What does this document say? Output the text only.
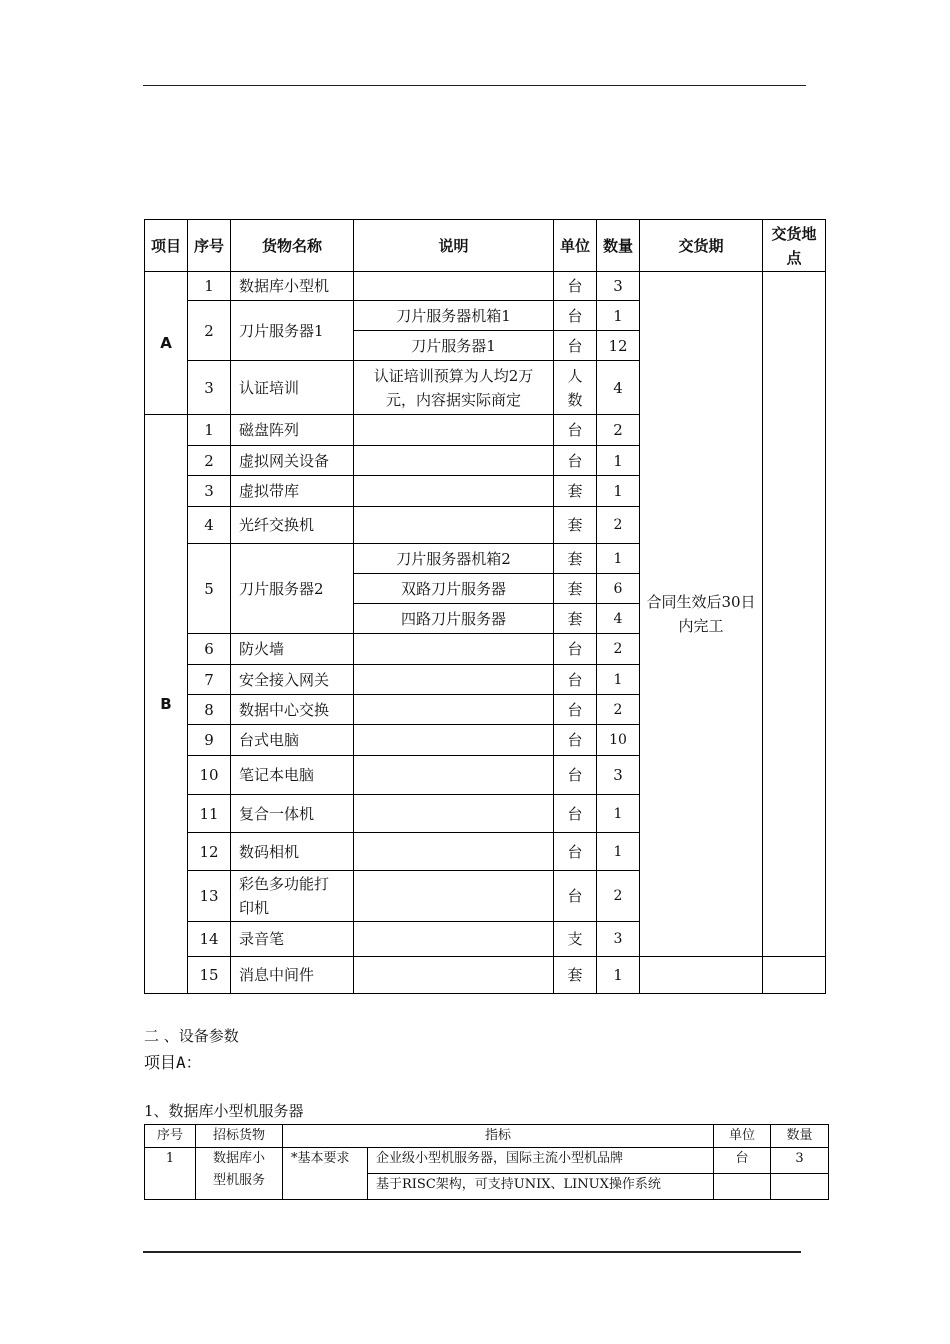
项目	序号	货物名称	说明	单位	数量	交货期	交货地点
A	1	数据库小型机		台	3	合同生效后30日内完工	
	2	刀片服务器1	刀片服务器机箱1	台	1		
			刀片服务器1	台	12		
	3	认证培训	认证培训预算为人均2万元，内容据实际商定	人数	4		
B	1	磁盘阵列		台	2		
	2	虚拟网关设备		台	1		
	3	虚拟带库		套	1		
	4	光纤交换机		套	2		
	5	刀片服务器2	刀片服务器机箱2	套	1		
			双路刀片服务器	套	6		
			四路刀片服务器	套	4		
	6	防火墙		台	2		
	7	安全接入网关		台	1		
	8	数据中心交换		台	2		
	9	台式电脑		台	10		
	10	笔记本电脑		台	3		
	11	复合一体机		台	1		
	12	数码相机		台	1		
	13	彩色多功能打印机		台	2		
	14	录音笔		支	3		
	15	消息中间件		套	1		
二 、设备参数
项目A：
1、数据库小型机服务器
序号	招标货物	指标		单位	数量
1	数据库小型机服务	*基本要求	企业级小型机服务器，国际主流小型机品牌	台	3
			基于RISC架构，可支持UNIX、LINUX操作系统		
